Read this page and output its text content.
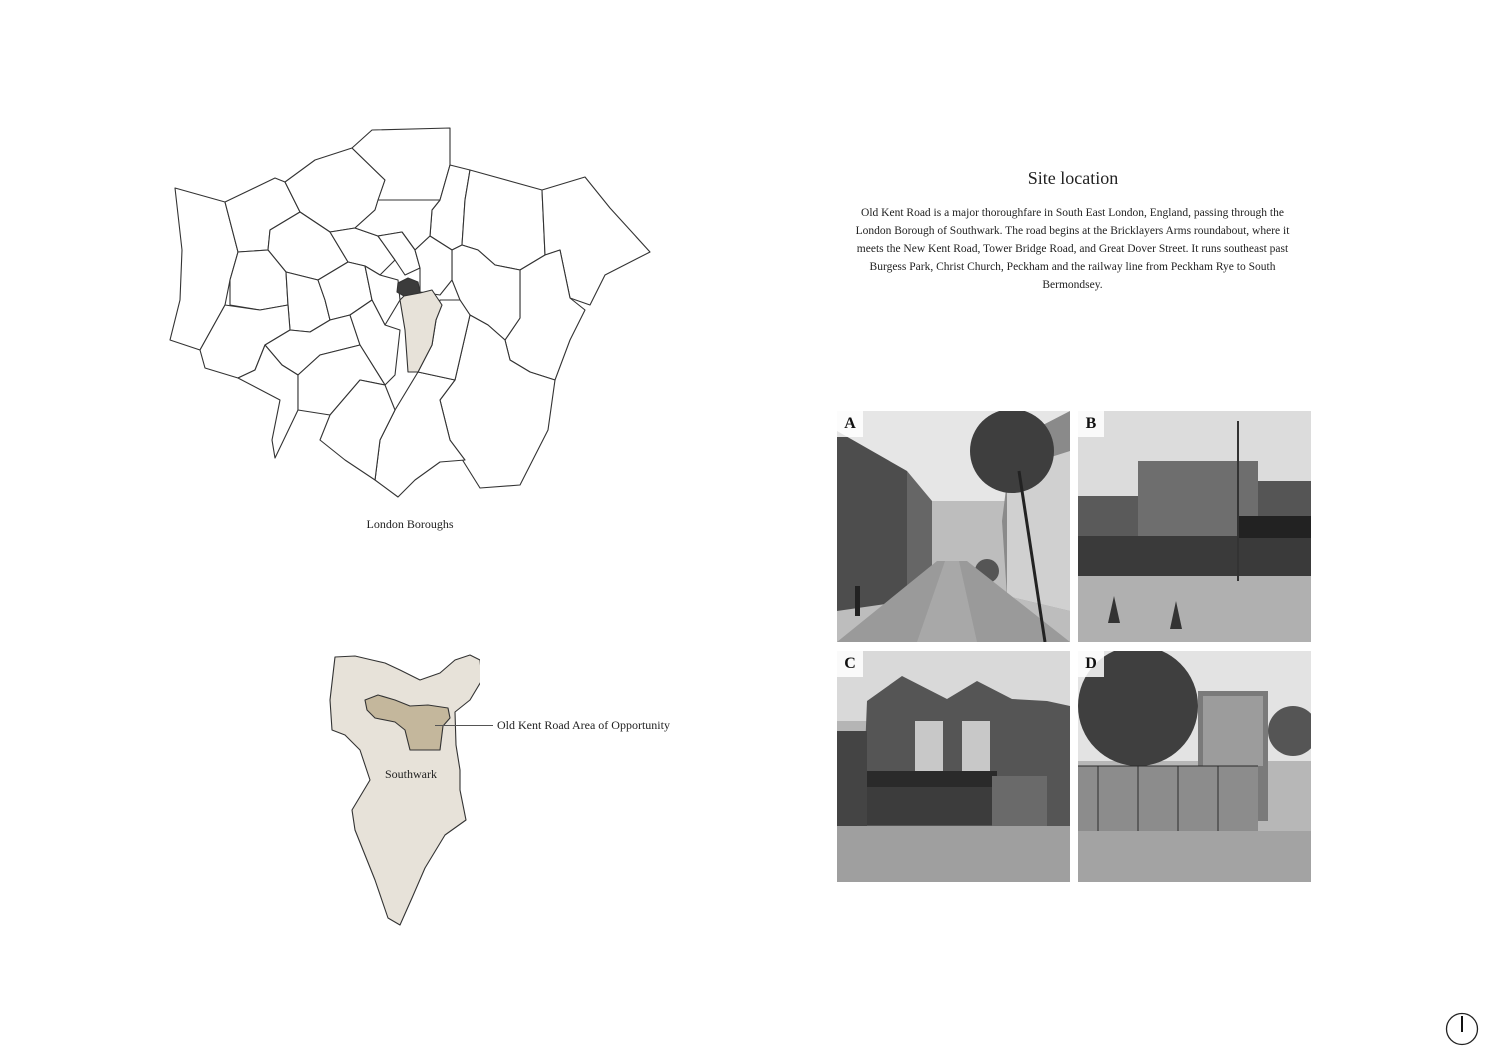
London Boroughs
Old Kent Road Area of Opportunity
Southwark
Site location
Old Kent Road is a major thoroughfare in South East London, England, passing through the London Borough of Southwark. The road begins at the Bricklayers Arms roundabout, where it meets the New Kent Road, Tower Bridge Road, and Great Dover Street. It runs southeast past Burgess Park, Christ Church, Peckham and the railway line from Peckham Rye to South Bermondsey.
A	B
C	D
